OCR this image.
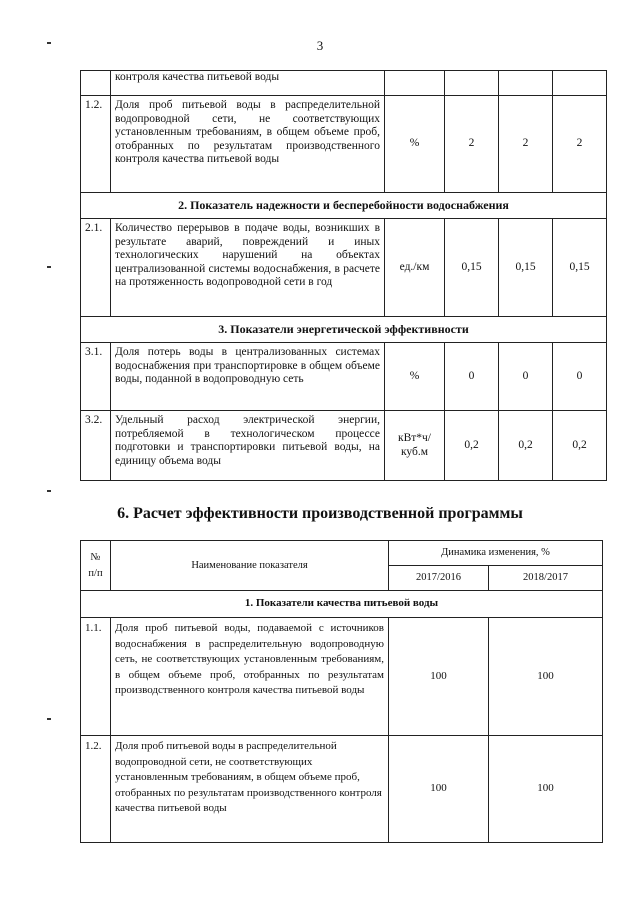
3
	контроля качества питьевой воды				
1.2.	Доля проб питьевой воды в распределительной водопроводной сети, не соответствующих установленным требованиям, в общем объеме проб, отобранных по результатам производственного контроля качества питьевой воды	%	2	2	2
2. Показатель надежности и бесперебойности водоснабжения					
2.1.	Количество перерывов в подаче воды, возникших в результате аварий, повреждений и иных технологических нарушений на объектах централизованной системы водоснабжения, в расчете на протяженность водопроводной сети в год	ед./км	0,15	0,15	0,15
3. Показатели энергетической эффективности					
3.1.	Доля потерь воды в централизованных системах водоснабжения при транспортировке в общем объеме воды, поданной в водопроводную сеть	%	0	0	0
3.2.	Удельный расход электрической энергии, потребляемой в технологическом процессе подготовки и транспортировки питьевой воды, на единицу объема воды	кВт*ч/ куб.м	0,2	0,2	0,2
6. Расчет эффективности производственной программы
№ п/п	Наименование показателя	Динамика изменения, %	
		2017/2016	2018/2017
1. Показатели качества питьевой воды			
1.1.	Доля проб питьевой воды, подаваемой с источников водоснабжения в распределительную водопроводную сеть, не соответствующих установленным требованиям, в общем объеме проб, отобранных по результатам производственного контроля качества питьевой воды	100	100
1.2.	Доля проб питьевой воды в распределительной водопроводной сети, не соответствующих установленным требованиям, в общем объеме проб, отобранных по результатам производственного контроля качества питьевой воды	100	100
